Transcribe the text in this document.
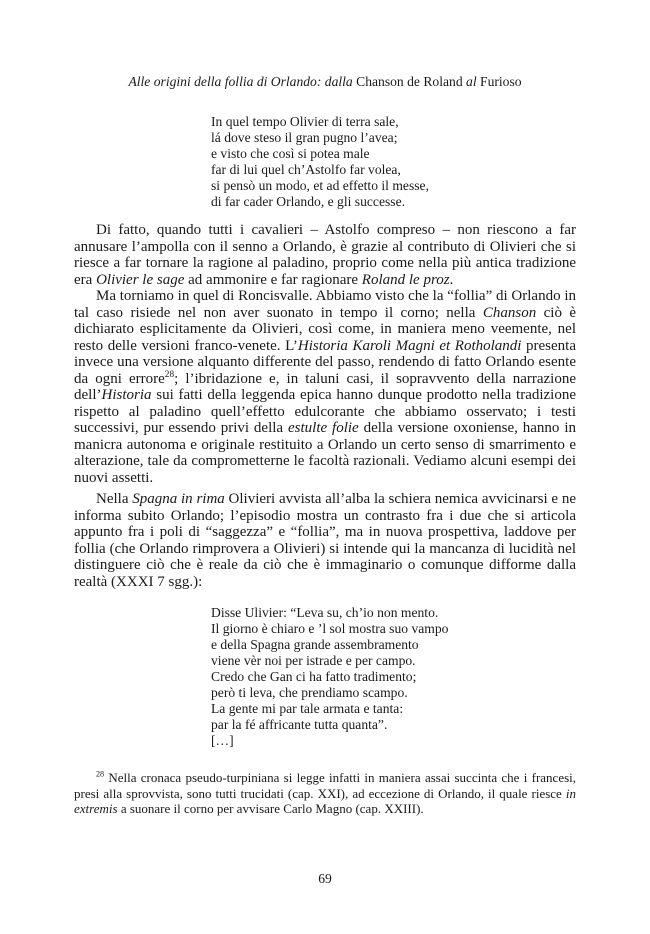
Alle origini della follia di Orlando: dalla Chanson de Roland al Furioso
In quel tempo Olivier di terra sale,
lá dove steso il gran pugno l’avea;
e visto che così si potea male
far di lui quel ch’Astolfo far volea,
si pensò un modo, et ad effetto il messe,
di far cader Orlando, e gli successe.

Di fatto, quando tutti i cavalieri – Astolfo compreso – non riescono a far annusare l’ampolla con il senno a Orlando, è grazie al contributo di Olivieri che si riesce a far tornare la ragione al paladino, proprio come nella più antica tradizione era Olivier le sage ad ammonire e far ragionare Roland le proz.

Ma torniamo in quel di Roncisvalle. Abbiamo visto che la “follia” di Orlando in tal caso risiede nel non aver suonato in tempo il corno; nella Chanson ciò è dichiarato esplicitamente da Olivieri, così come, in maniera meno veemente, nel resto delle versioni franco-venete. L’Historia Karoli Magni et Rotholandi presenta invece una versione alquanto differente del passo, rendendo di fatto Orlando esente da ogni errore$^{28}$; l’ibridazione e, in taluni casi, il sopravvento della narrazione dell’Historia sui fatti della leggenda epica hanno dunque prodotto nella tradizione rispetto al paladino quell’effetto edulcorante che abbiamo osservato; i testi successivi, pur essendo privi della estulte folie della versione oxoniense, hanno in manicra autonoma e originale restituito a Orlando un certo senso di smarrimento e alterazione, tale da comprometterne le facoltà razionali. Vediamo alcuni esempi dei nuovi assetti.

Nella Spagna in rima Olivieri avvista all’alba la schiera nemica avvicinarsi e ne informa subito Orlando; l’episodio mostra un contrasto fra i due che si articola appunto fra i poli di “saggezza” e “follia”, ma in nuova prospettiva, laddove per follia (che Orlando rimprovera a Olivieri) si intende qui la mancanza di lucidità nel distinguere ciò che è reale da ciò che è immaginario o comunque difforme dalla realtà (XXXI 7 sgg.):

Disse Ulivier: “Leva su, ch’io non mento.
Il giorno è chiaro e ’l sol mostra suo vampo
e della Spagna grande assembramento
viene vèr noi per istrade e per campo.
Credo che Gan ci ha fatto tradimento;
però ti leva, che prendiamo scampo.
La gente mi par tale armata e tanta:
par la fé affricante tutta quanta”.
[…]

$^{28}$ Nella cronaca pseudo-turpiniana si legge infatti in maniera assai succinta che i francesi, presi alla sprovvista, sono tutti trucidati (cap. XXI), ad eccezione di Orlando, il quale riesce in extremis a suonare il corno per avvisare Carlo Magno (cap. XXIII).

69
